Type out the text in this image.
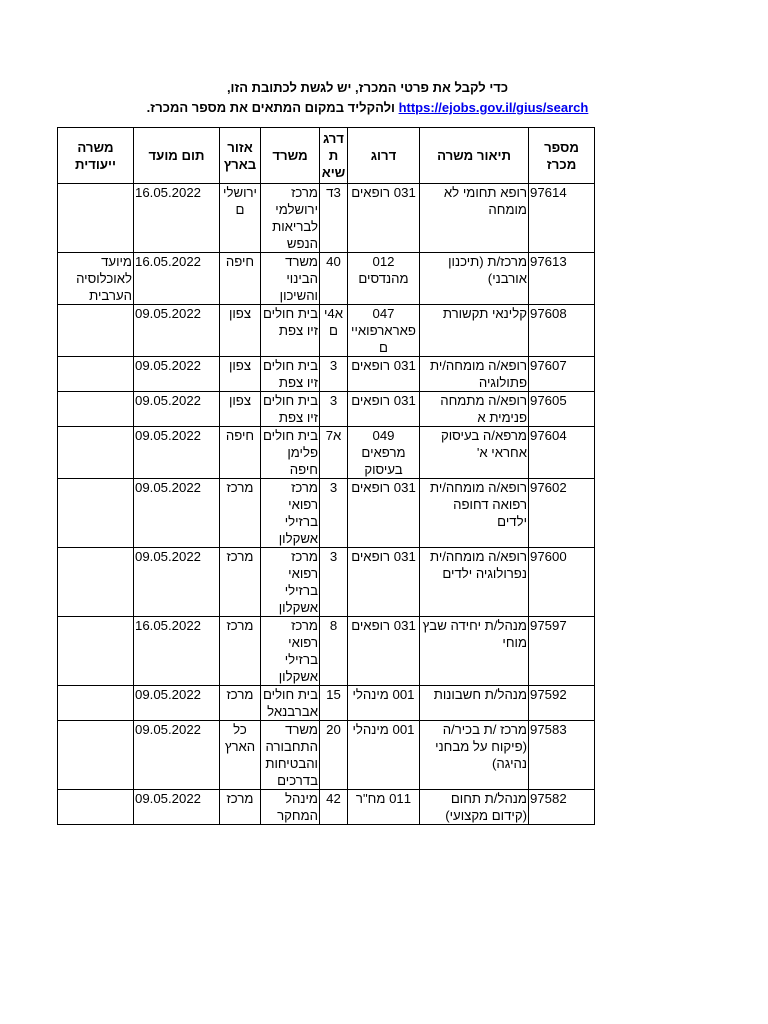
כדי לקבל את פרטי המכרז, יש לגשת לכתובת הזו,
https://ejobs.gov.il/gius/search ולהקליד במקום המתאים את מספר המכרז.
מספר מכרז	תיאור משרה	דרוג	דרגת שיא	משרד	אזור בארץ	תום מועד	משרה ייעודית
97614	רופא תחומי לא מומחה	031 רופאים	3ד	מרכז ירושלמי לבריאות הנפש	ירושלים	16.05.2022	
97613	מרכז/ת (תיכנון אורבני)	012 מהנדסים	40	משרד הבינוי והשיכון	חיפה	16.05.2022	מיועד לאוכלוסיה הערבית
97608	קלינאי תקשורת	047 פארארפואיים	א4ים	בית חולים זיו צפת	צפון	09.05.2022	
97607	רופא/ה מומחה/ית פתולוגיה	031 רופאים	3	בית חולים זיו צפת	צפון	09.05.2022	
97605	רופא/ה מתמחה פנימית א	031 רופאים	3	בית חולים זיו צפת	צפון	09.05.2022	
97604	מרפא/ה בעיסוק אחראי א'	049 מרפאים בעיסוק	א7	בית חולים פלימן חיפה	חיפה	09.05.2022	
97602	רופא/ה מומחה/ית רפואה דחופה ילדים	031 רופאים	3	מרכז רפואי ברזילי אשקלון	מרכז	09.05.2022	
97600	רופא/ה מומחה/ית נפרולוגיה ילדים	031 רופאים	3	מרכז רפואי ברזילי אשקלון	מרכז	09.05.2022	
97597	מנהל/ת יחידה שבץ מוחי	031 רופאים	8	מרכז רפואי ברזילי אשקלון	מרכז	16.05.2022	
97592	מנהל/ת חשבונות	001 מינהלי	15	בית חולים אברבנאל	מרכז	09.05.2022	
97583	מרכז /ת בכיר/ה (פיקוח על מבחני נהיגה)	001 מינהלי	20	משרד התחבורה והבטיחות בדרכים	כל הארץ	09.05.2022	
97582	מנהל/ת תחום (קידום מקצועי)	011 מח"ר	42	מינהל המחקר	מרכז	09.05.2022	
